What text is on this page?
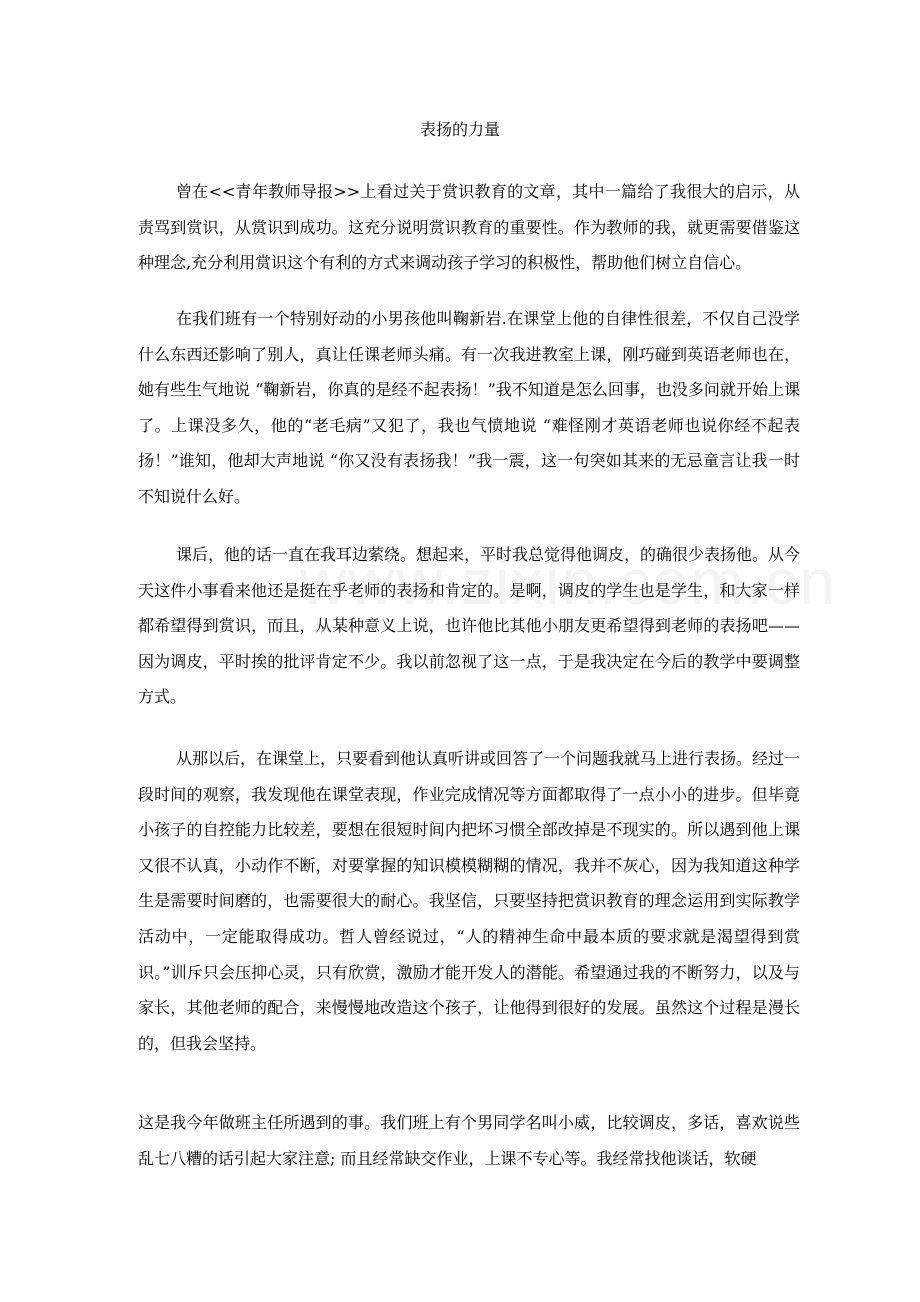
表扬的力量

曾在<<青年教师导报>>上看过关于赏识教育的文章，其中一篇给了我很大的启示，从责骂到赏识，从赏识到成功。这充分说明赏识教育的重要性。作为教师的我，就更需要借鉴这种理念,充分利用赏识这个有利的方式来调动孩子学习的积极性，帮助他们树立自信心。

在我们班有一个特别好动的小男孩他叫鞠新岩.在课堂上他的自律性很差，不仅自己没学什么东西还影响了别人，真让任课老师头痛。有一次我进教室上课，刚巧碰到英语老师也在，她有些生气地说 “鞠新岩，你真的是经不起表扬！”我不知道是怎么回事，也没多问就开始上课了。上课没多久，他的“老毛病”又犯了，我也气愤地说 “难怪刚才英语老师也说你经不起表扬！”谁知，他却大声地说 “你又没有表扬我！”我一震，这一句突如其来的无忌童言让我一时不知说什么好。

课后，他的话一直在我耳边萦绕。想起来，平时我总觉得他调皮，的确很少表扬他。从今天这件小事看来他还是挺在乎老师的表扬和肯定的。是啊，调皮的学生也是学生，和大家一样都希望得到赏识，而且，从某种意义上说，也许他比其他小朋友更希望得到老师的表扬吧——因为调皮，平时挨的批评肯定不少。我以前忽视了这一点，于是我决定在今后的教学中要调整方式。

从那以后，在课堂上，只要看到他认真听讲或回答了一个问题我就马上进行表扬。经过一段时间的观察，我发现他在课堂表现，作业完成情况等方面都取得了一点小小的进步。但毕竟小孩子的自控能力比较差，要想在很短时间内把坏习惯全部改掉是不现实的。所以遇到他上课又很不认真，小动作不断，对要掌握的知识模模糊糊的情况，我并不灰心，因为我知道这种学生是需要时间磨的，也需要很大的耐心。我坚信，只要坚持把赏识教育的理念运用到实际教学活动中，一定能取得成功。哲人曾经说过，“人的精神生命中最本质的要求就是渴望得到赏识。”训斥只会压抑心灵，只有欣赏，激励才能开发人的潜能。希望通过我的不断努力，以及与家长，其他老师的配合，来慢慢地改造这个孩子，让他得到很好的发展。虽然这个过程是漫长的，但我会坚持。

这是我今年做班主任所遇到的事。我们班上有个男同学名叫小威，比较调皮，多话，喜欢说些乱七八糟的话引起大家注意; 而且经常缺交作业，上课不专心等。我经常找他谈话，软硬
